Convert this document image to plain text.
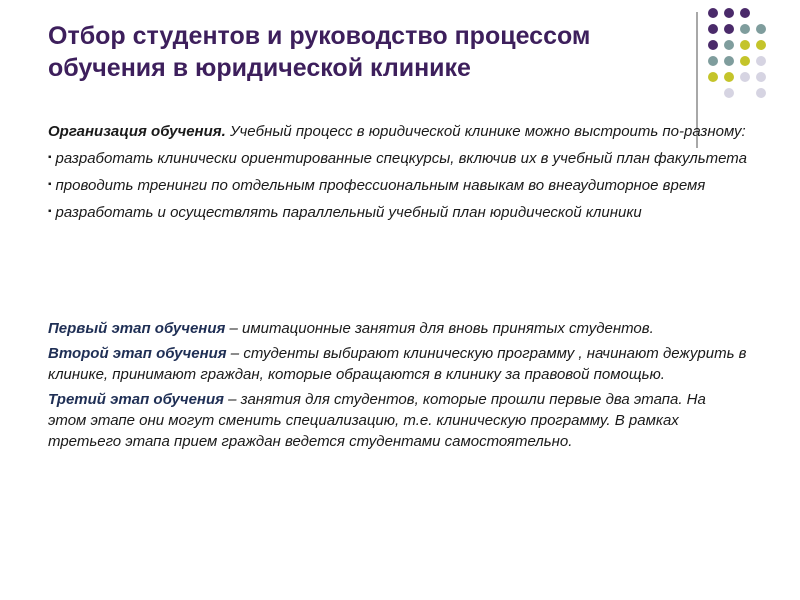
Отбор студентов и руководство процессом обучения в юридической клинике

Организация обучения. Учебный процесс в юридической клинике можно выстроить по-разному:

▪ разработать клинически ориентированные спецкурсы, включив их в учебный план факультета
▪ проводить тренинги по отдельным профессиональным навыкам во внеаудиторное время
▪ разработать и осуществлять параллельный учебный план юридической клиники

Первый этап обучения – имитационные занятия для вновь принятых студентов.

Второй этап обучения – студенты выбирают клиническую программу , начинают дежурить в клинике, принимают граждан, которые обращаются в клинику за правовой помощью.

Третий этап обучения – занятия для студентов, которые прошли первые два этапа. На этом этапе они могут сменить специализацию, т.е. клиническую программу. В рамках третьего этапа прием граждан ведется студентами самостоятельно.
